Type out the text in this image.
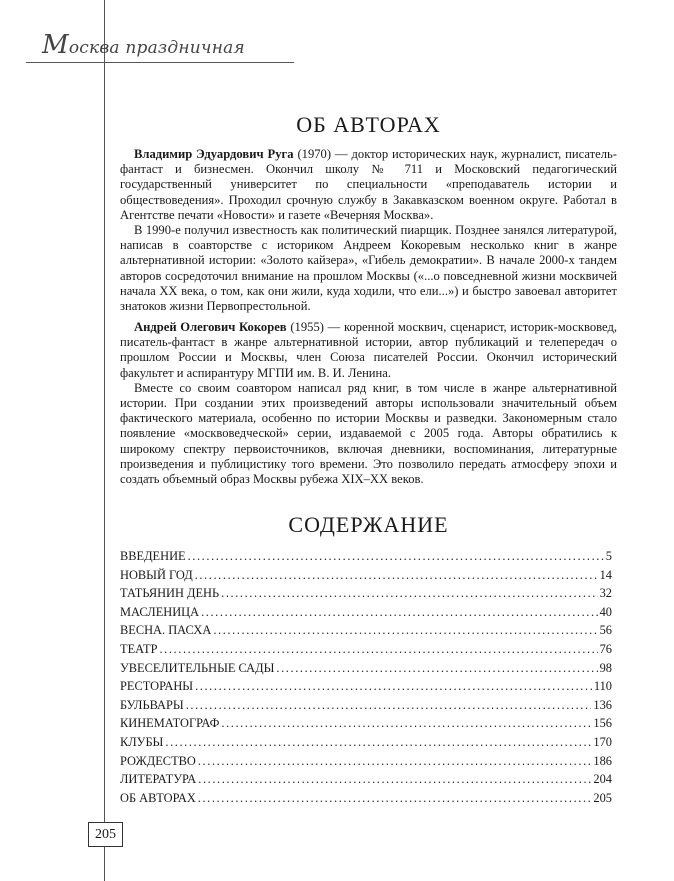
Москва праздничная
ОБ АВТОРАХ

Владимир Эдуардович Руга (1970) — доктор исторических наук, журналист, писатель-фантаст и бизнесмен. Окончил школу № 711 и Московский педагогический государственный университет по специальности «преподаватель истории и обществоведения». Проходил срочную службу в Закавказском военном округе. Работал в Агентстве печати «Новости» и газете «Вечерняя Москва».

В 1990-е получил известность как политический пиарщик. Позднее занялся литературой, написав в соавторстве с историком Андреем Кокоревым несколько книг в жанре альтернативной истории: «Золото кайзера», «Гибель демократии». В начале 2000-х тандем авторов сосредоточил внимание на прошлом Москвы («...о повседневной жизни москвичей начала XX века, о том, как они жили, куда ходили, что ели...») и быстро завоевал авторитет знатоков жизни Первопрестольной.

Андрей Олегович Кокорев (1955) — коренной москвич, сценарист, историк-москвовед, писатель-фантаст в жанре альтернативной истории, автор публикаций и телепередач о прошлом России и Москвы, член Союза писателей России. Окончил исторический факультет и аспирантуру МГПИ им. В. И. Ленина.

Вместе со своим соавтором написал ряд книг, в том числе в жанре альтернативной истории. При создании этих произведений авторы использовали значительный объем фактического материала, особенно по истории Москвы и разведки. Закономерным стало появление «москвоведческой» серии, издаваемой с 2005 года. Авторы обратились к широкому спектру первоисточников, включая дневники, воспоминания, литературные произведения и публицистику того времени. Это позволило передать атмосферу эпохи и создать объемный образ Москвы рубежа XIX–XX веков.

СОДЕРЖАНИЕ
ВВЕДЕНИЕ .....	5
НОВЫЙ ГОД .....	14
ТАТЬЯНИН ДЕНЬ .....	32
МАСЛЕНИЦА .....	40
ВЕСНА. ПАСХА .....	56
ТЕАТР .....	76
УВЕСЕЛИТЕЛЬНЫЕ САДЫ .....	98
РЕСТОРАНЫ .....	110
БУЛЬВАРЫ .....	136
КИНЕМАТОГРАФ .....	156
КЛУБЫ .....	170
РОЖДЕСТВО .....	186
ЛИТЕРАТУРА .....	204
ОБ АВТОРАХ .....	205
205
